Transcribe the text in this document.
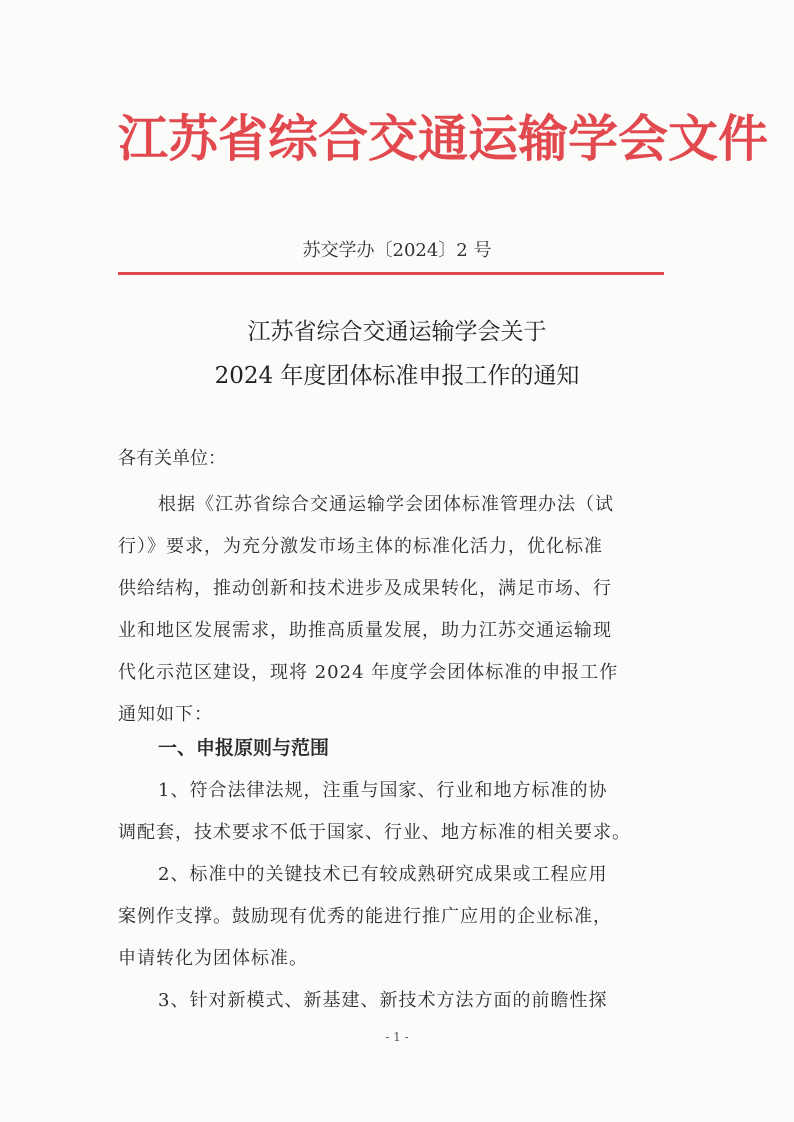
江苏省综合交通运输学会文件
苏交学办〔2024〕2 号
江苏省综合交通运输学会关于
2024 年度团体标准申报工作的通知
各有关单位：
根据《江苏省综合交通运输学会团体标准管理办法（试
行）》要求，为充分激发市场主体的标准化活力，优化标准
供给结构，推动创新和技术进步及成果转化，满足市场、行
业和地区发展需求，助推高质量发展，助力江苏交通运输现
代化示范区建设，现将 2024 年度学会团体标准的申报工作
通知如下：
一、申报原则与范围
1、符合法律法规，注重与国家、行业和地方标准的协
调配套，技术要求不低于国家、行业、地方标准的相关要求。
2、标准中的关键技术已有较成熟研究成果或工程应用
案例作支撑。鼓励现有优秀的能进行推广应用的企业标准，
申请转化为团体标准。
3、针对新模式、新基建、新技术方法方面的前瞻性探
- 1 -
